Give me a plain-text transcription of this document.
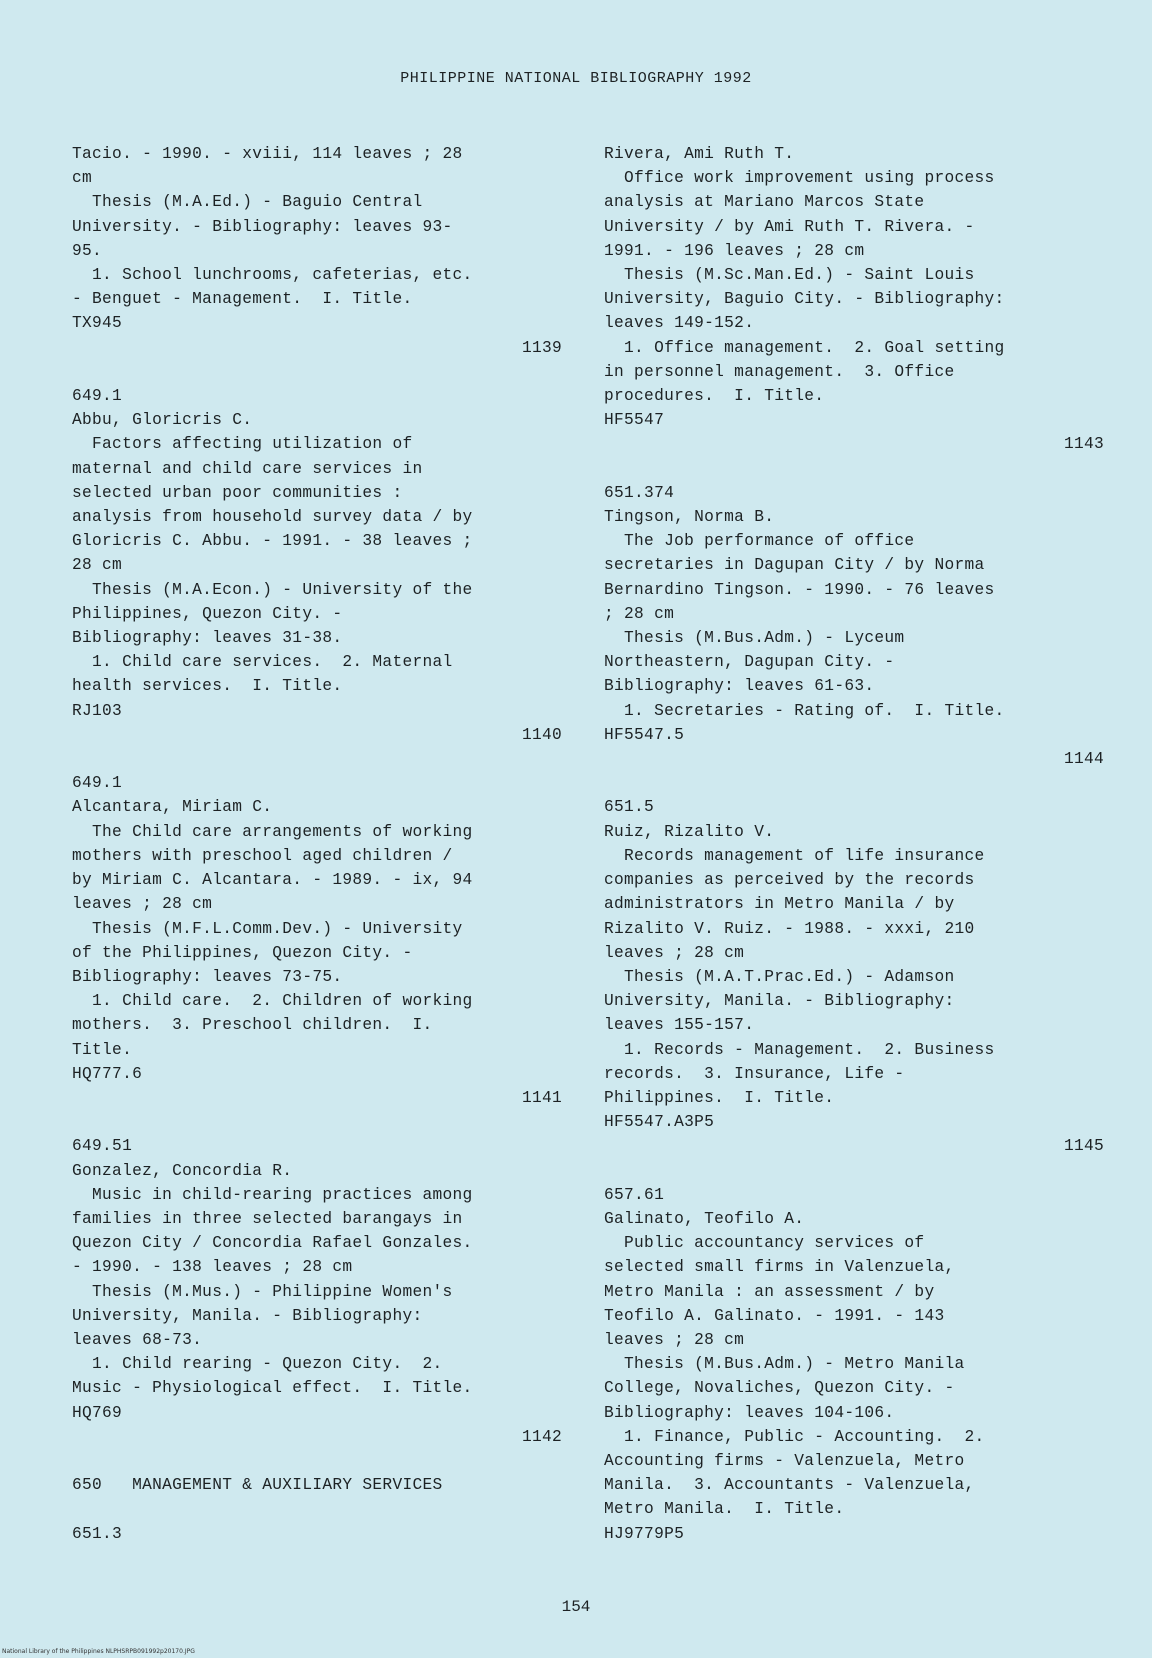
PHILIPPINE NATIONAL BIBLIOGRAPHY 1992
Tacio. - 1990. - xviii, 114 leaves ; 28
cm
Thesis (M.A.Ed.) - Baguio Central
University. - Bibliography: leaves 93-
95.
1. School lunchrooms, cafeterias, etc.
- Benguet - Management.  I. Title.
TX945
1139

649.1
Abbu, Gloricris C.
Factors affecting utilization of
maternal and child care services in
selected urban poor communities :
analysis from household survey data / by
Gloricris C. Abbu. - 1991. - 38 leaves ;
28 cm
Thesis (M.A.Econ.) - University of the
Philippines, Quezon City. -
Bibliography: leaves 31-38.
1. Child care services.  2. Maternal
health services.  I. Title.
RJ103
1140

649.1
Alcantara, Miriam C.
The Child care arrangements of working
mothers with preschool aged children /
by Miriam C. Alcantara. - 1989. - ix, 94
leaves ; 28 cm
Thesis (M.F.L.Comm.Dev.) - University
of the Philippines, Quezon City. -
Bibliography: leaves 73-75.
1. Child care.  2. Children of working
mothers.  3. Preschool children.  I.
Title.
HQ777.6
1141

649.51
Gonzalez, Concordia R.
Music in child-rearing practices among
families in three selected barangays in
Quezon City / Concordia Rafael Gonzales.
- 1990. - 138 leaves ; 28 cm
Thesis (M.Mus.) - Philippine Women's
University, Manila. - Bibliography:
leaves 68-73.
1. Child rearing - Quezon City.  2.
Music - Physiological effect.  I. Title.
HQ769
1142

650   MANAGEMENT & AUXILIARY SERVICES

651.3
Rivera, Ami Ruth T.
Office work improvement using process
analysis at Mariano Marcos State
University / by Ami Ruth T. Rivera. -
1991. - 196 leaves ; 28 cm
Thesis (M.Sc.Man.Ed.) - Saint Louis
University, Baguio City. - Bibliography:
leaves 149-152.
1. Office management.  2. Goal setting
in personnel management.  3. Office
procedures.  I. Title.
HF5547
1143

651.374
Tingson, Norma B.
The Job performance of office
secretaries in Dagupan City / by Norma
Bernardino Tingson. - 1990. - 76 leaves
; 28 cm
Thesis (M.Bus.Adm.) - Lyceum
Northeastern, Dagupan City. -
Bibliography: leaves 61-63.
1. Secretaries - Rating of.  I. Title.
HF5547.5
1144

651.5
Ruiz, Rizalito V.
Records management of life insurance
companies as perceived by the records
administrators in Metro Manila / by
Rizalito V. Ruiz. - 1988. - xxxi, 210
leaves ; 28 cm
Thesis (M.A.T.Prac.Ed.) - Adamson
University, Manila. - Bibliography:
leaves 155-157.
1. Records - Management.  2. Business
records.  3. Insurance, Life -
Philippines.  I. Title.
HF5547.A3P5
1145

657.61
Galinato, Teofilo A.
Public accountancy services of
selected small firms in Valenzuela,
Metro Manila : an assessment / by
Teofilo A. Galinato. - 1991. - 143
leaves ; 28 cm
Thesis (M.Bus.Adm.) - Metro Manila
College, Novaliches, Quezon City. -
Bibliography: leaves 104-106.
1. Finance, Public - Accounting.  2.
Accounting firms - Valenzuela, Metro
Manila.  3. Accountants - Valenzuela,
Metro Manila.  I. Title.
HJ9779P5
154
National Library of the Philippines NLPHSRPB091992p20170.JPG
